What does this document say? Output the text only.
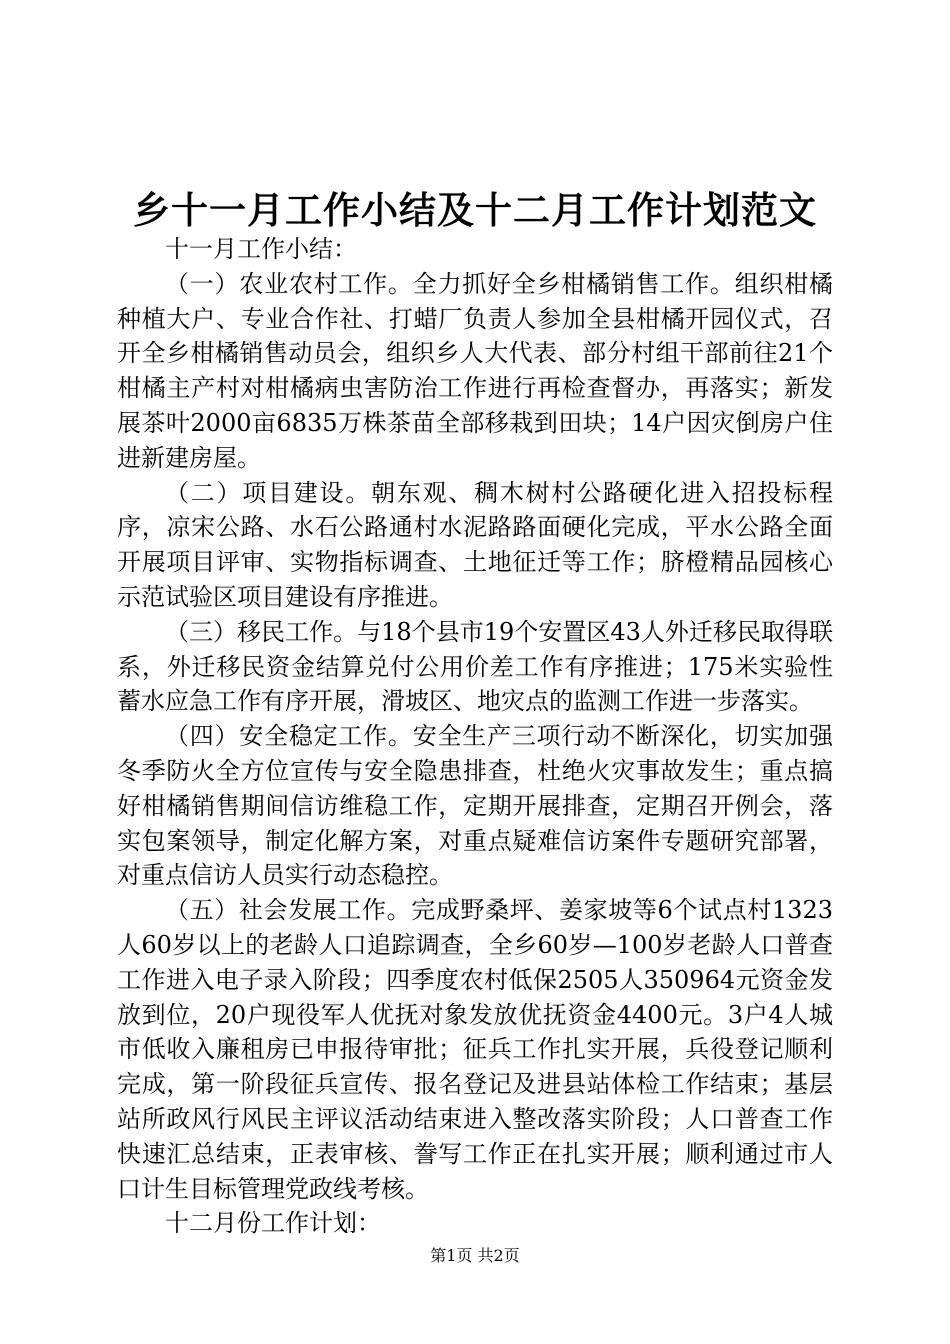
乡十一月工作小结及十二月工作计划范文

十一月工作小结：

（一）农业农村工作。全力抓好全乡柑橘销售工作。组织柑橘种植大户、专业合作社、打蜡厂负责人参加全县柑橘开园仪式，召开全乡柑橘销售动员会，组织乡人大代表、部分村组干部前往21个柑橘主产村对柑橘病虫害防治工作进行再检查督办，再落实；新发展茶叶2000亩6835万株茶苗全部移栽到田块；14户因灾倒房户住进新建房屋。

（二）项目建设。朝东观、稠木树村公路硬化进入招投标程序，凉宋公路、水石公路通村水泥路路面硬化完成，平水公路全面开展项目评审、实物指标调查、土地征迁等工作；脐橙精品园核心示范试验区项目建设有序推进。

（三）移民工作。与18个县市19个安置区43人外迁移民取得联系，外迁移民资金结算兑付公用价差工作有序推进；175米实验性蓄水应急工作有序开展，滑坡区、地灾点的监测工作进一步落实。

（四）安全稳定工作。安全生产三项行动不断深化，切实加强冬季防火全方位宣传与安全隐患排查，杜绝火灾事故发生；重点搞好柑橘销售期间信访维稳工作，定期开展排查，定期召开例会，落实包案领导，制定化解方案，对重点疑难信访案件专题研究部署，对重点信访人员实行动态稳控。

（五）社会发展工作。完成野桑坪、姜家坡等6个试点村1323人60岁以上的老龄人口追踪调查，全乡60岁—100岁老龄人口普查工作进入电子录入阶段；四季度农村低保2505人350964元资金发放到位，20户现役军人优抚对象发放优抚资金4400元。3户4人城市低收入廉租房已申报待审批；征兵工作扎实开展，兵役登记顺利完成，第一阶段征兵宣传、报名登记及进县站体检工作结束；基层站所政风行风民主评议活动结束进入整改落实阶段；人口普查工作快速汇总结束，正表审核、誊写工作正在扎实开展；顺利通过市人口计生目标管理党政线考核。

十二月份工作计划：

第1页 共2页
